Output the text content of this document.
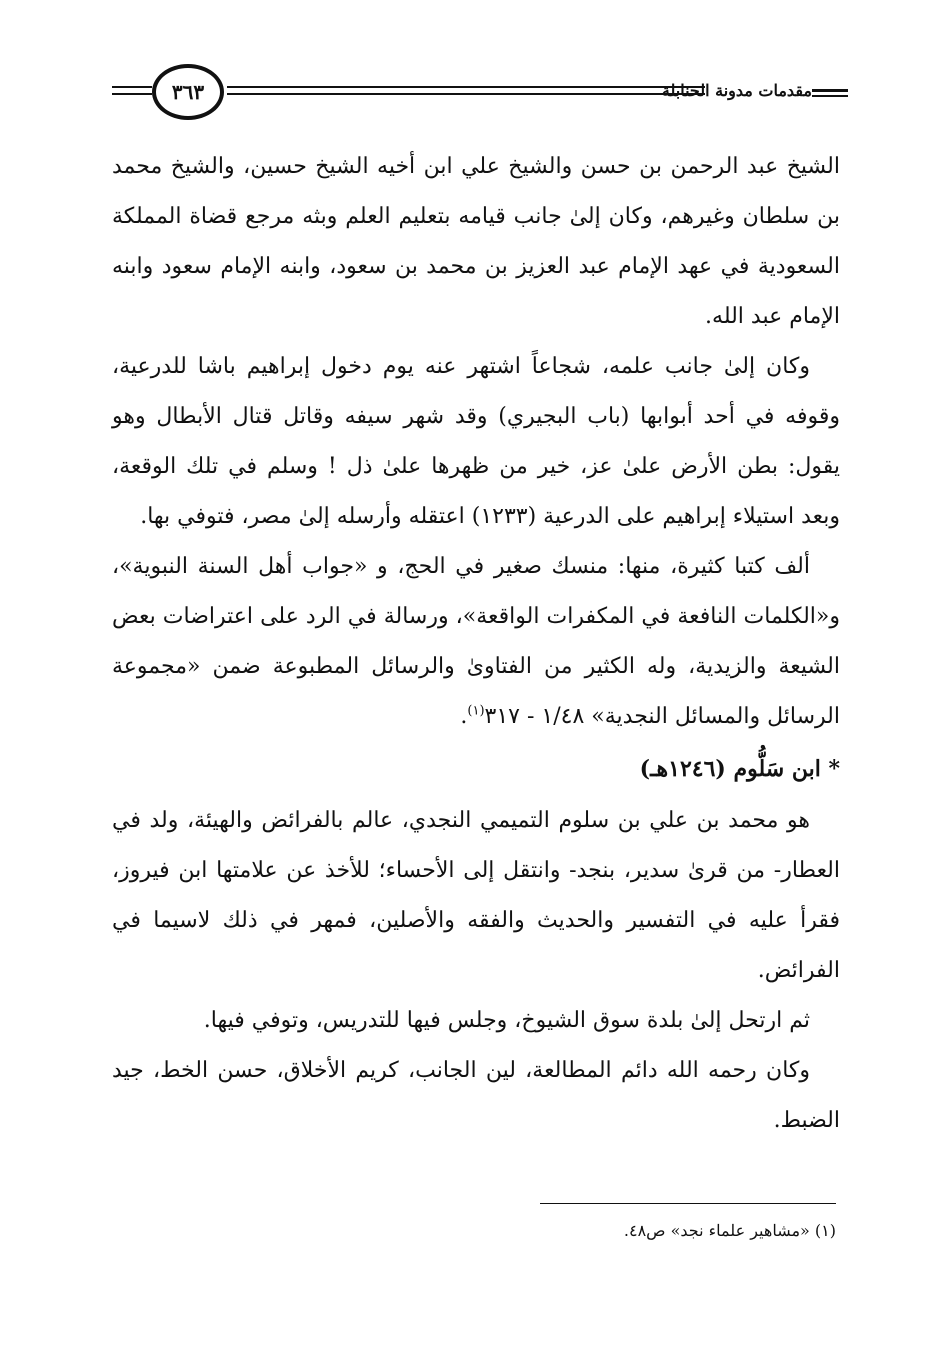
٣٦٣	مقدمات مدونة الحنابلة

الشيخ عبد الرحمن بن حسن والشيخ علي ابن أخيه الشيخ حسين، والشيخ محمد بن سلطان وغيرهم، وكان إلىٰ جانب قيامه بتعليم العلم وبثه مرجع قضاة المملكة السعودية في عهد الإمام عبد العزيز بن محمد بن سعود، وابنه الإمام سعود وابنه الإمام عبد الله.

وكان إلىٰ جانب علمه، شجاعاً اشتهر عنه يوم دخول إبراهيم باشا للدرعية، وقوفه في أحد أبوابها (باب البجيري) وقد شهر سيفه وقاتل قتال الأبطال وهو يقول: بطن الأرض علىٰ عز، خير من ظهرها علىٰ ذل ! وسلم في تلك الوقعة، وبعد استيلاء إبراهيم على الدرعية (١٢٣٣) اعتقله وأرسله إلىٰ مصر، فتوفي بها.

ألف كتبا كثيرة، منها: منسك صغير في الحج، و «جواب أهل السنة النبوية»، و«الكلمات النافعة في المكفرات الواقعة»، ورسالة في الرد على اعتراضات بعض الشيعة والزيدية، وله الكثير من الفتاوىٰ والرسائل المطبوعة ضمن «مجموعة الرسائل والمسائل النجدية» ١/٤٨ - ٣١٧$^{(١)}$.

* ابن سَلُّوم (١٢٤٦هـ)

هو محمد بن علي بن سلوم التميمي النجدي، عالم بالفرائض والهيئة، ولد في العطار- من قرىٰ سدير، بنجد- وانتقل إلى الأحساء؛ للأخذ عن علامتها ابن فيروز، فقرأ عليه في التفسير والحديث والفقه والأصلين، فمهر في ذلك لاسيما في الفرائض.

ثم ارتحل إلىٰ بلدة سوق الشيوخ، وجلس فيها للتدريس، وتوفي فيها.

وكان رحمه الله دائم المطالعة، لين الجانب، كريم الأخلاق، حسن الخط، جيد الضبط.

(١) «مشاهير علماء نجد» ص٤٨.
